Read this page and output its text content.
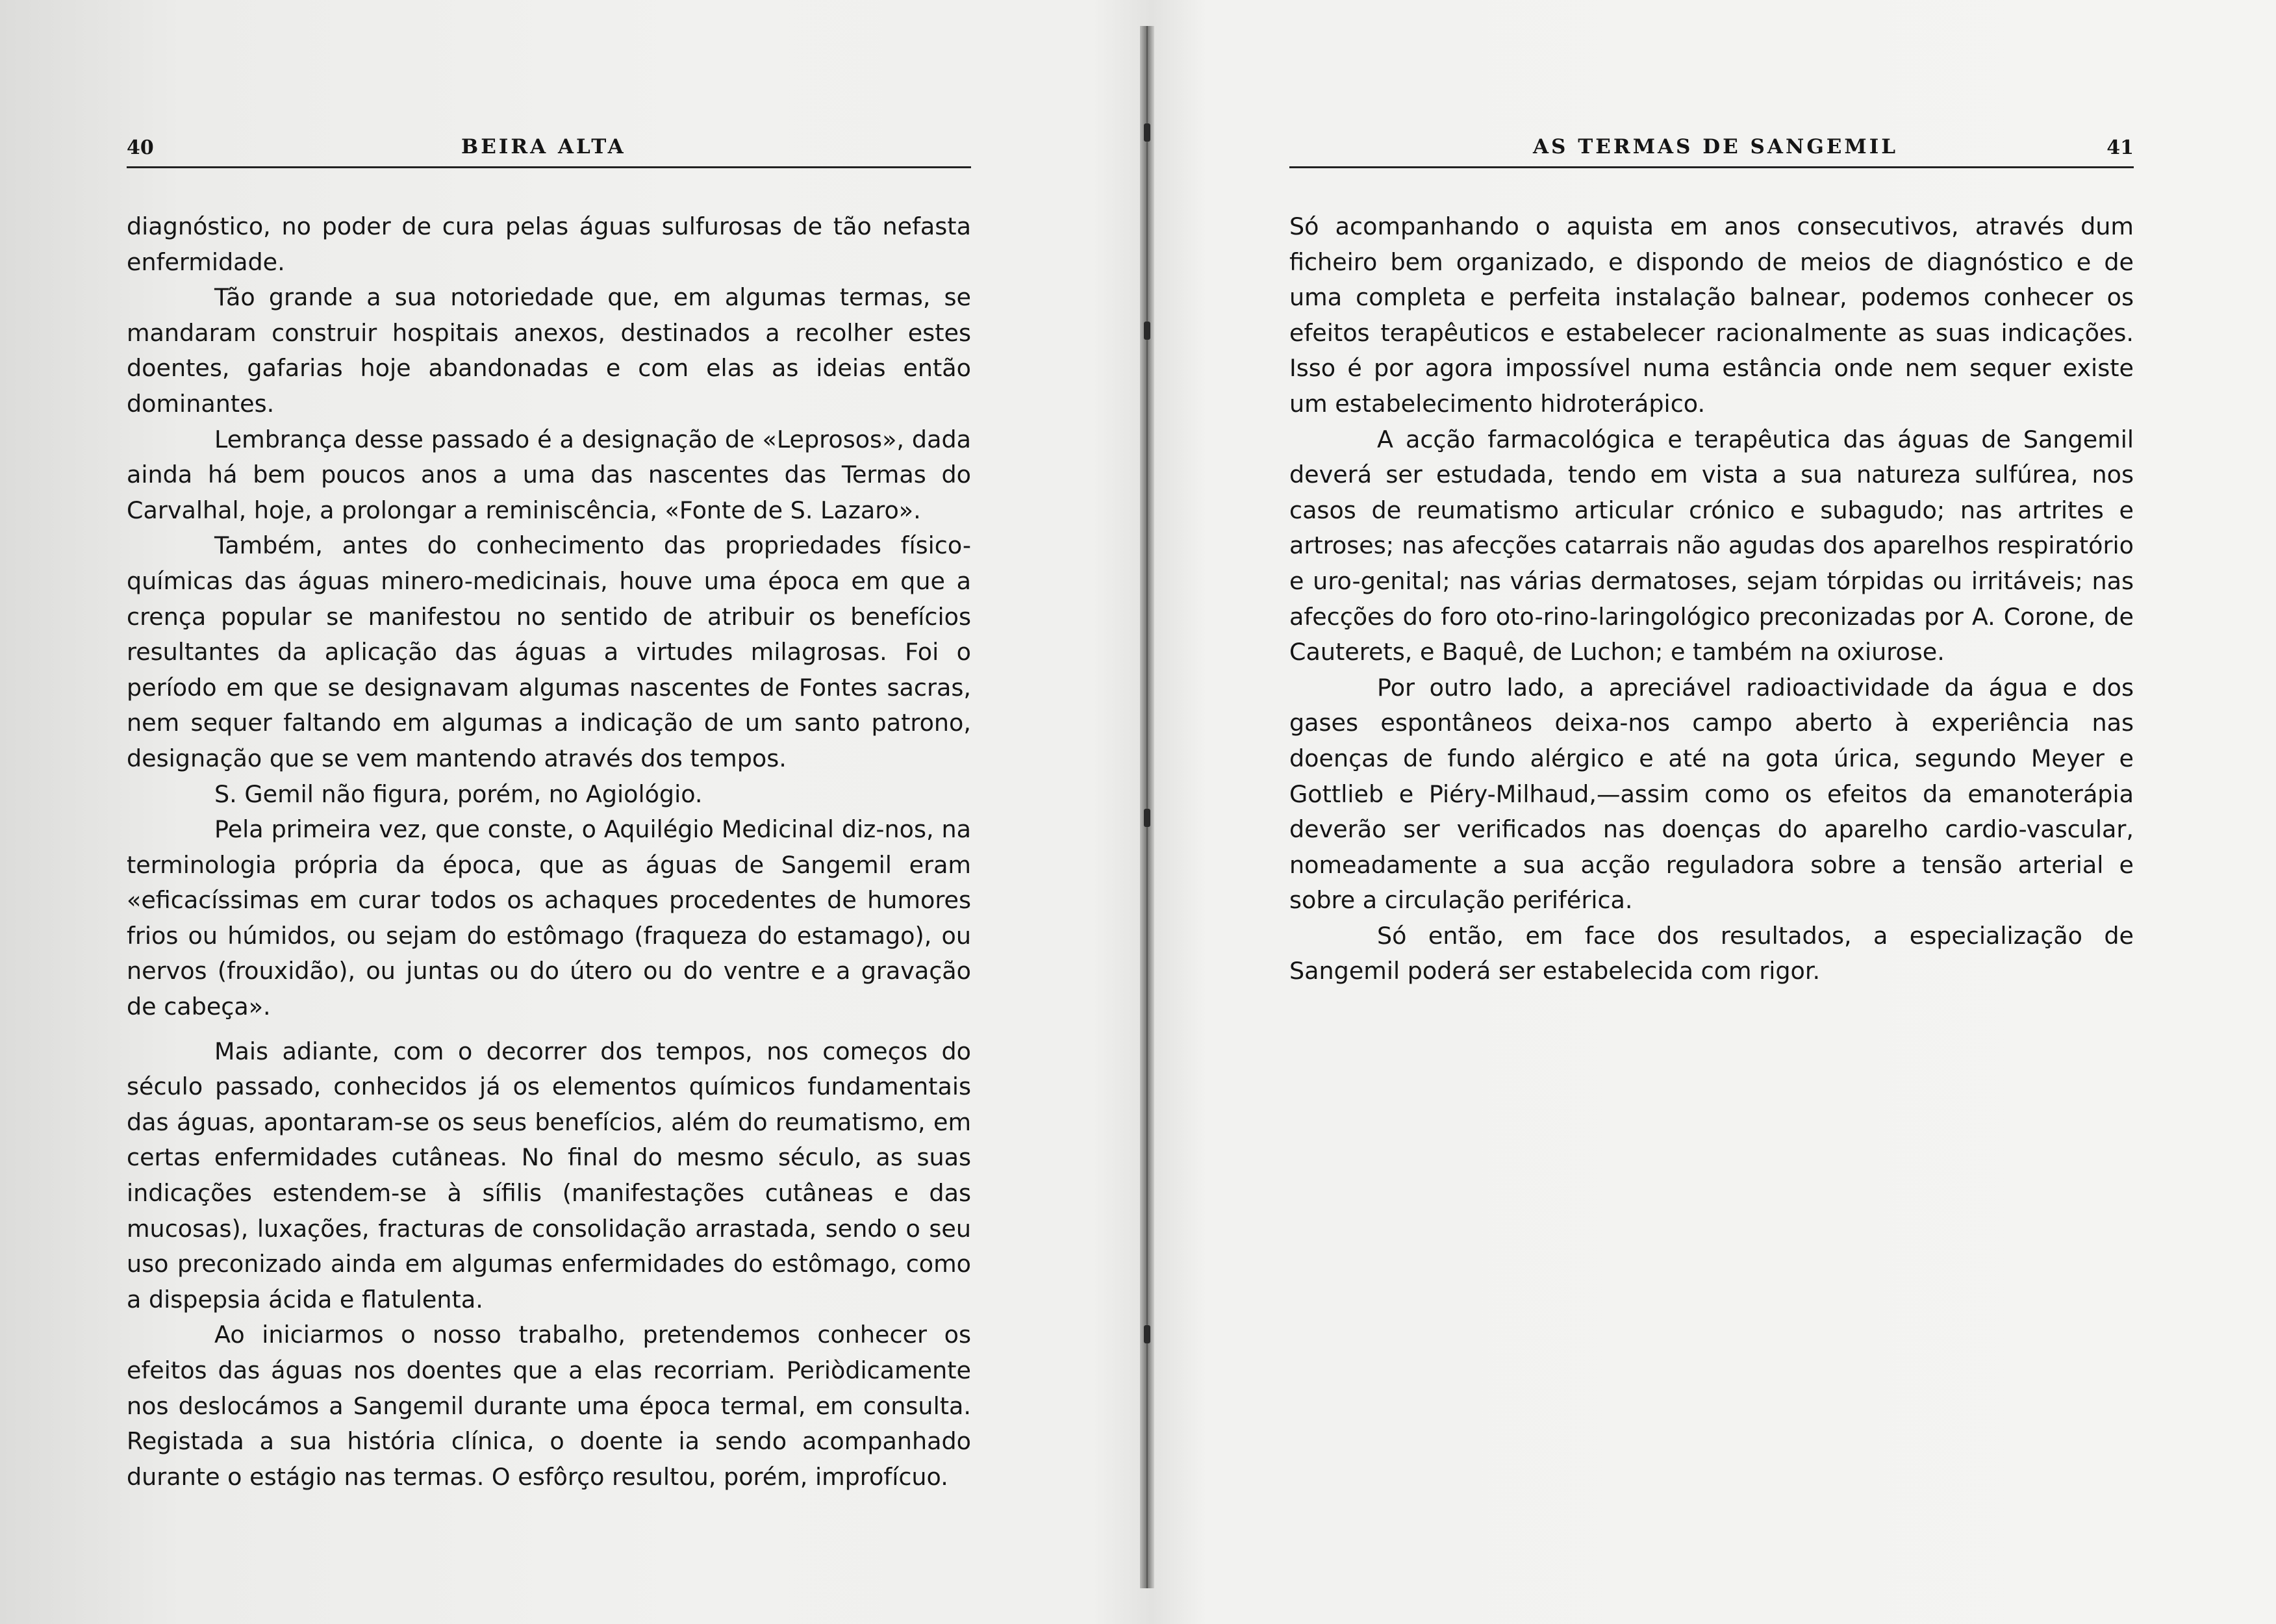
40	BEIRA ALTA

diagnóstico, no poder de cura pelas águas sulfurosas de tão nefasta enfermidade.

Tão grande a sua notoriedade que, em algumas termas, se mandaram construir hospitais anexos, destinados a recolher estes doentes, gafarias hoje abandonadas e com elas as ideias então dominantes.

Lembrança desse passado é a designação de «Leprosos», dada ainda há bem poucos anos a uma das nascentes das Termas do Carvalhal, hoje, a prolongar a reminiscência, «Fonte de S. Lazaro».

Também, antes do conhecimento das propriedades físico-químicas das águas minero-medicinais, houve uma época em que a crença popular se manifestou no sentido de atribuir os benefícios resultantes da aplicação das águas a virtudes milagrosas. Foi o período em que se designavam algumas nascentes de Fontes sacras, nem sequer faltando em algumas a indicação de um santo patrono, designação que se vem mantendo através dos tempos.

S. Gemil não figura, porém, no Agiológio.

Pela primeira vez, que conste, o Aquilégio Medicinal diz-nos, na terminologia própria da época, que as águas de Sangemil eram «eficacíssimas em curar todos os achaques procedentes de humores frios ou húmidos, ou sejam do estômago (fraqueza do estamago), ou nervos (frouxidão), ou juntas ou do útero ou do ventre e a gravação de cabeça».

Mais adiante, com o decorrer dos tempos, nos começos do século passado, conhecidos já os elementos químicos fundamentais das águas, apontaram-se os seus benefícios, além do reumatismo, em certas enfermidades cutâneas. No final do mesmo século, as suas indicações estendem-se à sífilis (manifestações cutâneas e das mucosas), luxações, fracturas de consolidação arrastada, sendo o seu uso preconizado ainda em algumas enfermidades do estômago, como a dispepsia ácida e flatulenta.

Ao iniciarmos o nosso trabalho, pretendemos conhecer os efeitos das águas nos doentes que a elas recorriam. Periòdicamente nos deslocámos a Sangemil durante uma época termal, em consulta. Registada a sua história clínica, o doente ia sendo acompanhado durante o estágio nas termas. O esfôrço resultou, porém, improfícuo.

AS TERMAS DE SANGEMIL	41

Só acompanhando o aquista em anos consecutivos, através dum ficheiro bem organizado, e dispondo de meios de diagnóstico e de uma completa e perfeita instalação balnear, podemos conhecer os efeitos terapêuticos e estabelecer racionalmente as suas indicações. Isso é por agora impossível numa estância onde nem sequer existe um estabelecimento hidroterápico.

A acção farmacológica e terapêutica das águas de Sangemil deverá ser estudada, tendo em vista a sua natureza sulfúrea, nos casos de reumatismo articular crónico e subagudo; nas artrites e artroses; nas afecções catarrais não agudas dos aparelhos respiratório e uro-genital; nas várias dermatoses, sejam tórpidas ou irritáveis; nas afecções do foro oto-rino-laringológico preconizadas por A. Corone, de Cauterets, e Baquê, de Luchon; e também na oxiurose.

Por outro lado, a apreciável radioactividade da água e dos gases espontâneos deixa-nos campo aberto à experiência nas doenças de fundo alérgico e até na gota úrica, segundo Meyer e Gottlieb e Piéry-Milhaud,—assim como os efeitos da emanoterápia deverão ser verificados nas doenças do aparelho cardio-vascular, nomeadamente a sua acção reguladora sobre a tensão arterial e sobre a circulação periférica.

Só então, em face dos resultados, a especialização de Sangemil poderá ser estabelecida com rigor.
